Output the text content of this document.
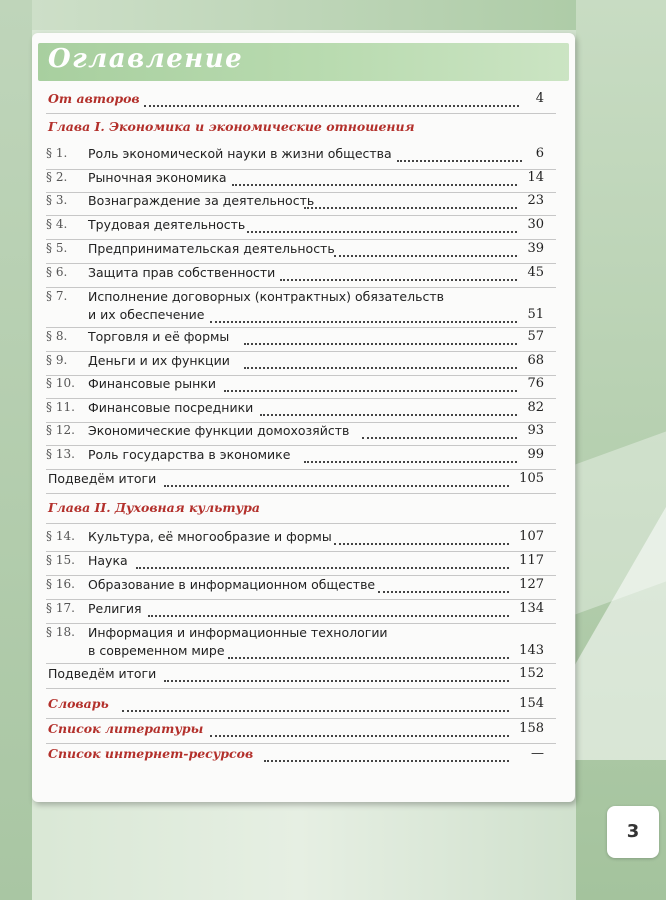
3
Оглавление
От авторов	4
Глава I. Экономика и экономические отношения
§ 1.	Роль экономической науки в жизни общества	6
§ 2.	Рыночная экономика	14
§ 3.	Вознаграждение за деятельность	23
§ 4.	Трудовая деятельность	30
§ 5.	Предпринимательская деятельность	39
§ 6.	Защита прав собственности	45
§ 7.	Исполнение договорных (контрактных) обязательств
и их обеспечение	51
§ 8.	Торговля и её формы	57
§ 9.	Деньги и их функции	68
§ 10.	Финансовые рынки	76
§ 11.	Финансовые посредники	82
§ 12.	Экономические функции домохозяйств	93
§ 13.	Роль государства в экономике	99
Подведём итоги	105
Глава II. Духовная культура
§ 14.	Культура, её многообразие и формы	107
§ 15.	Наука	117
§ 16.	Образование в информационном обществе	127
§ 17.	Религия	134
§ 18.	Информация и информационные технологии
в современном мире	143
Подведём итоги	152
Словарь	154
Список литературы	158
Список интернет-ресурсов	—
